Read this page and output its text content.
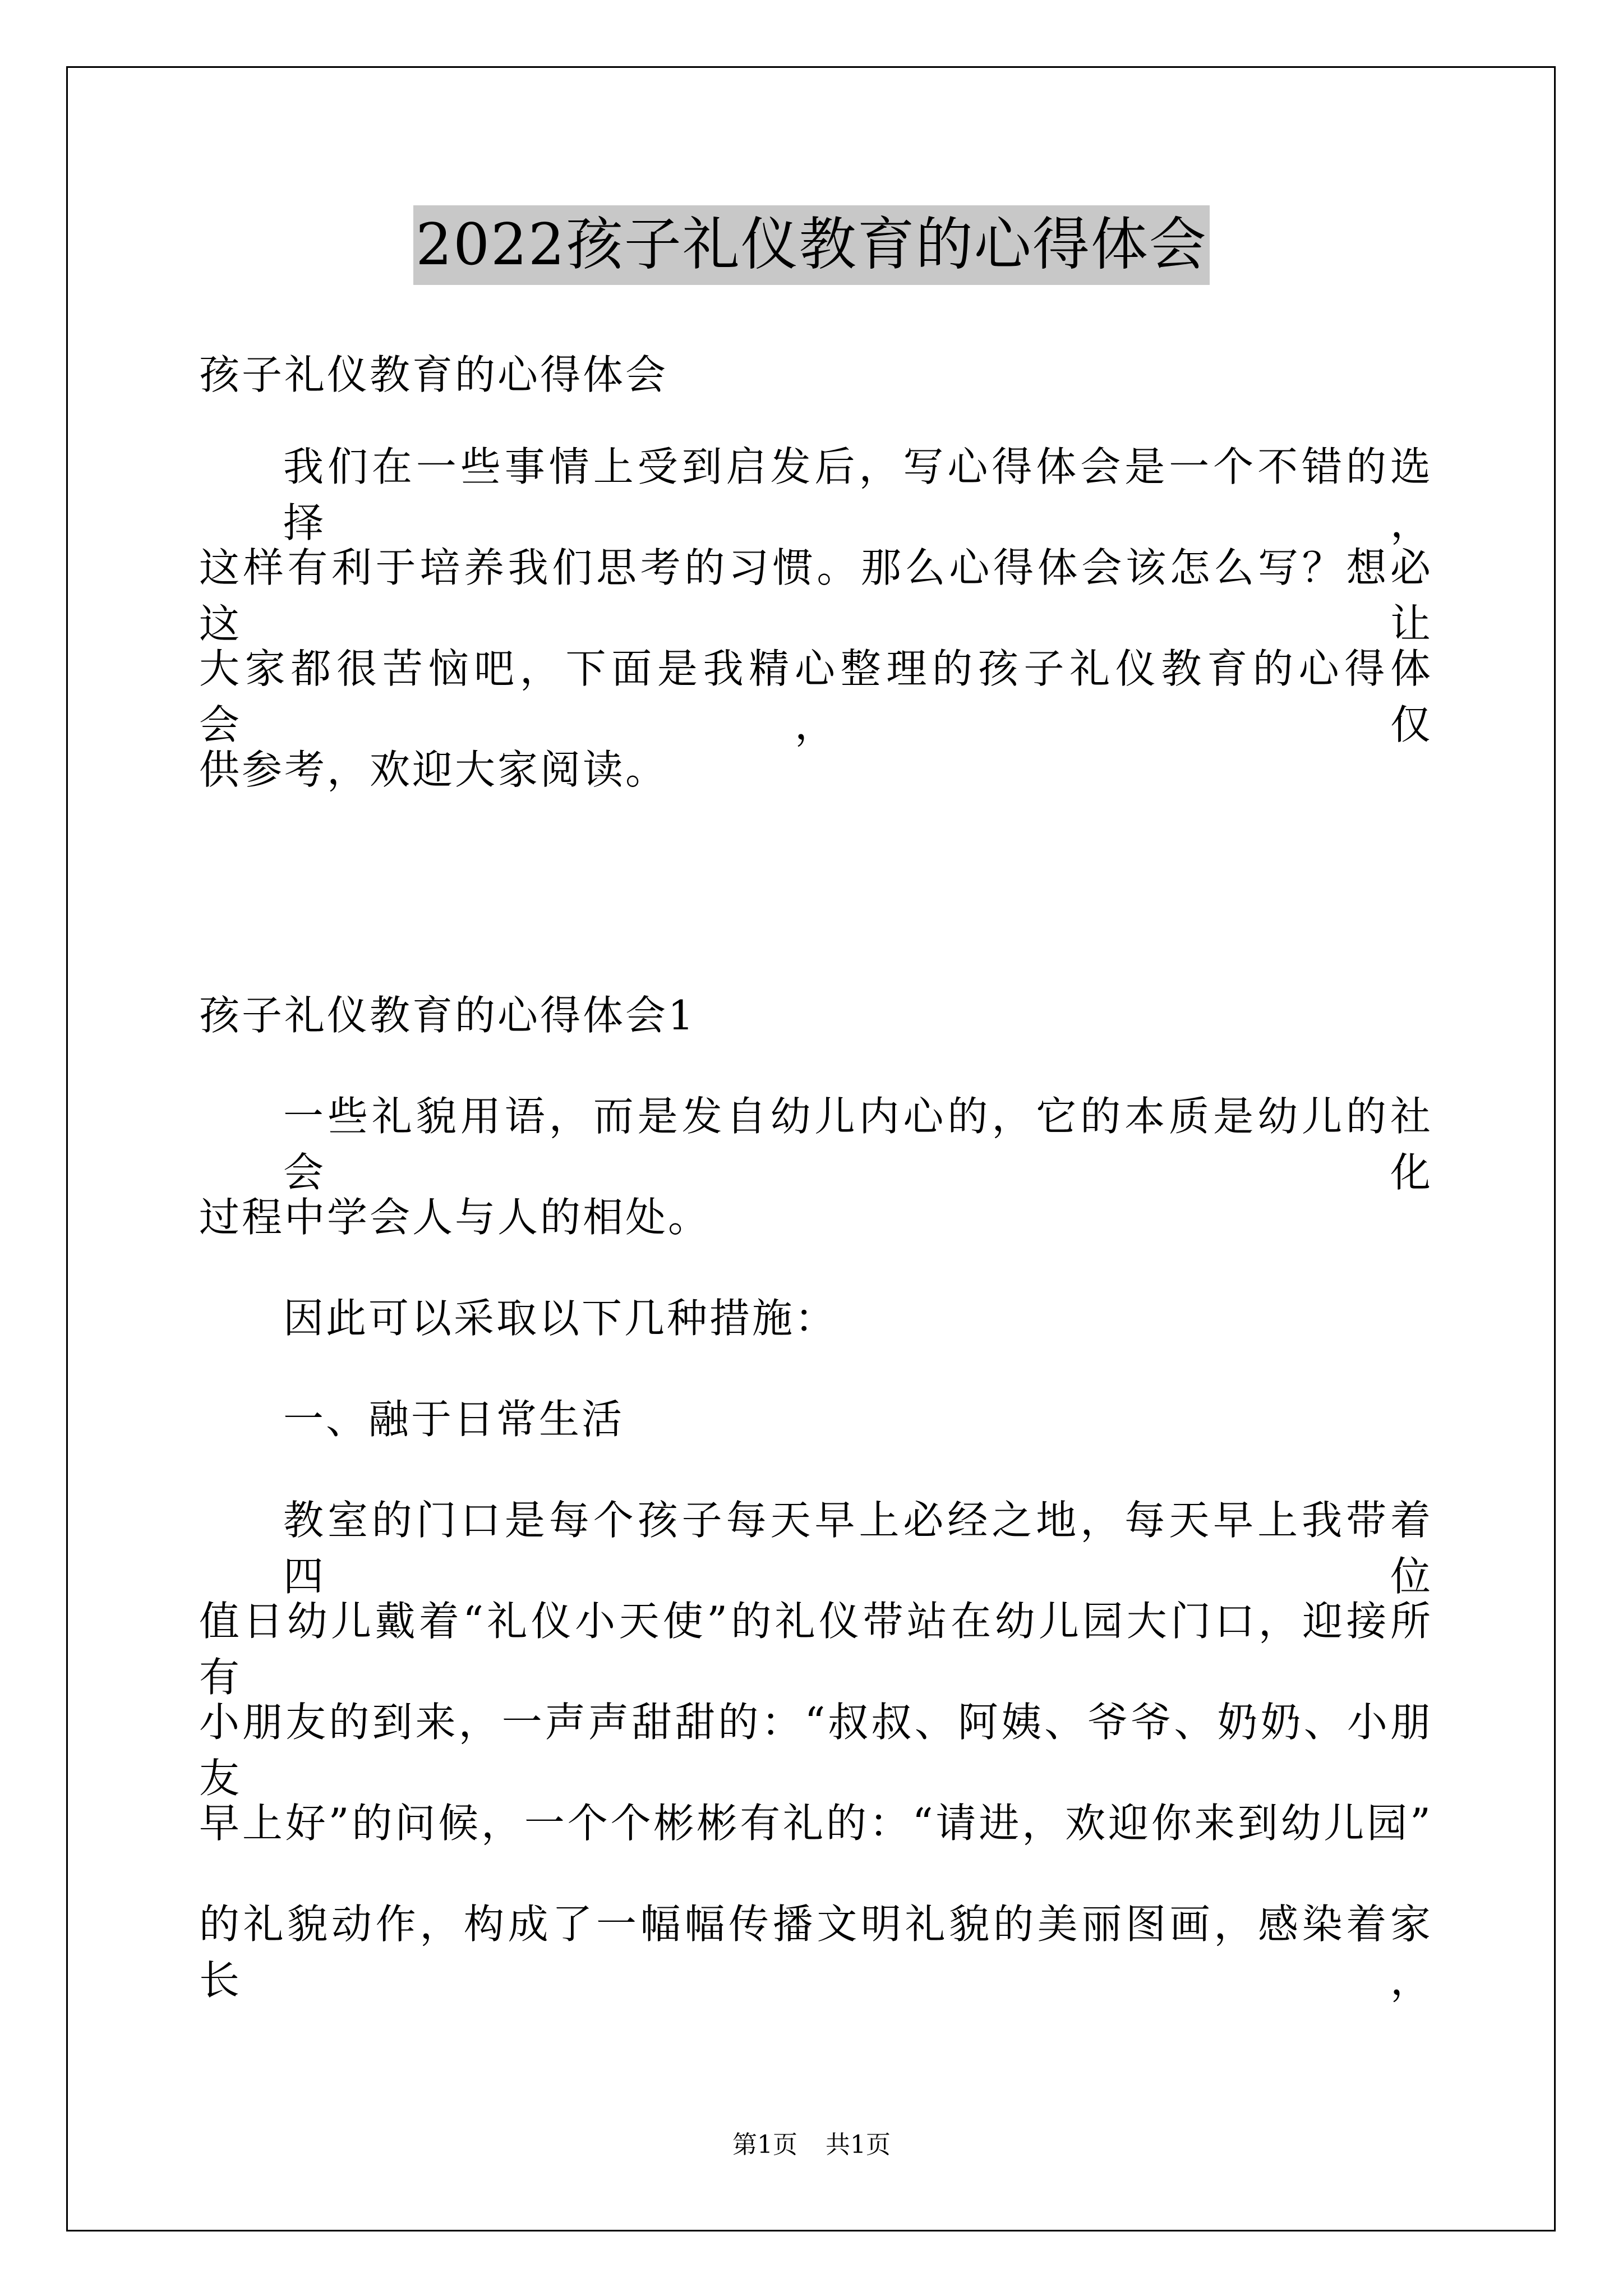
2022孩子礼仪教育的心得体会
孩子礼仪教育的心得体会
我们在一些事情上受到启发后，写心得体会是一个不错的选择，
这样有利于培养我们思考的习惯。那么心得体会该怎么写？想必这让
大家都很苦恼吧，下面是我精心整理的孩子礼仪教育的心得体会，仅
供参考，欢迎大家阅读。
孩子礼仪教育的心得体会1
一些礼貌用语，而是发自幼儿内心的，它的本质是幼儿的社会化
过程中学会人与人的相处。
因此可以采取以下几种措施：
一、融于日常生活
教室的门口是每个孩子每天早上必经之地，每天早上我带着四位
值日幼儿戴着“礼仪小天使”的礼仪带站在幼儿园大门口，迎接所有
小朋友的到来，一声声甜甜的：“叔叔、阿姨、爷爷、奶奶、小朋友
早上好”的问候，一个个彬彬有礼的：“请进，欢迎你来到幼儿园”
的礼貌动作，构成了一幅幅传播文明礼貌的美丽图画，感染着家长，
第1页 共1页
